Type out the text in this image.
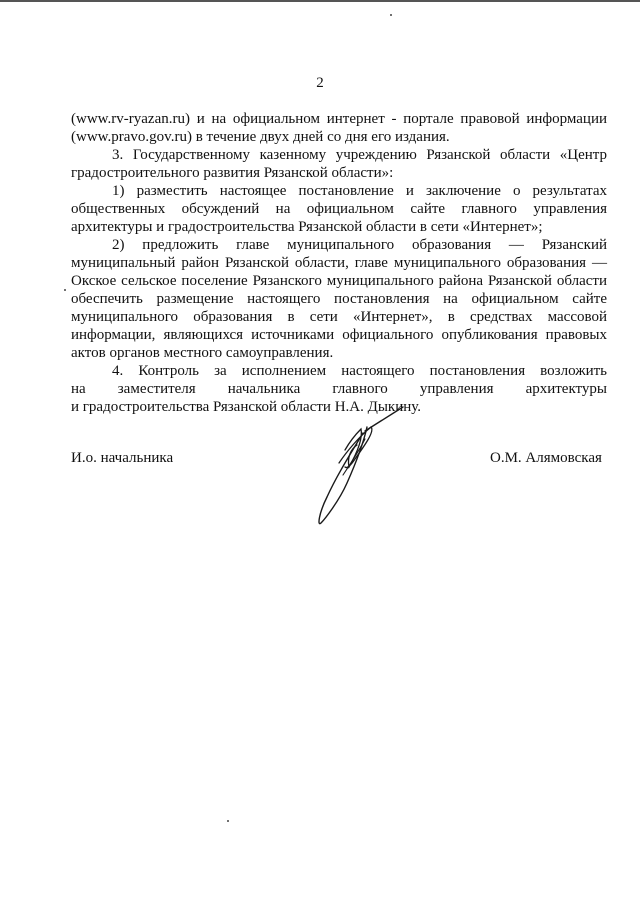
2
(www.rv-ryazan.ru) и на официальном интернет - портале правовой информации
(www.pravo.gov.ru) в течение двух дней со дня его издания.
3. Государственному казенному учреждению Рязанской области «Центр
градостроительного развития Рязанской области»:
1) разместить настоящее постановление и заключение о результатах
общественных обсуждений на официальном сайте главного управления
архитектуры и градостроительства Рязанской области в сети «Интернет»;
2) предложить главе муниципального образования — Рязанский
муниципальный район Рязанской области, главе муниципального образования —
Окское сельское поселение Рязанского муниципального района Рязанской области
обеспечить размещение настоящего постановления на официальном сайте
муниципального образования в сети «Интернет», в средствах массовой
информации, являющихся источниками официального опубликования правовых
актов органов местного самоуправления.
4. Контроль за исполнением настоящего постановления возложить
на заместителя начальника главного управления архитектуры
и градостроительства Рязанской области Н.А. Дыкину.
И.о. начальника	О.М. Алямовская
